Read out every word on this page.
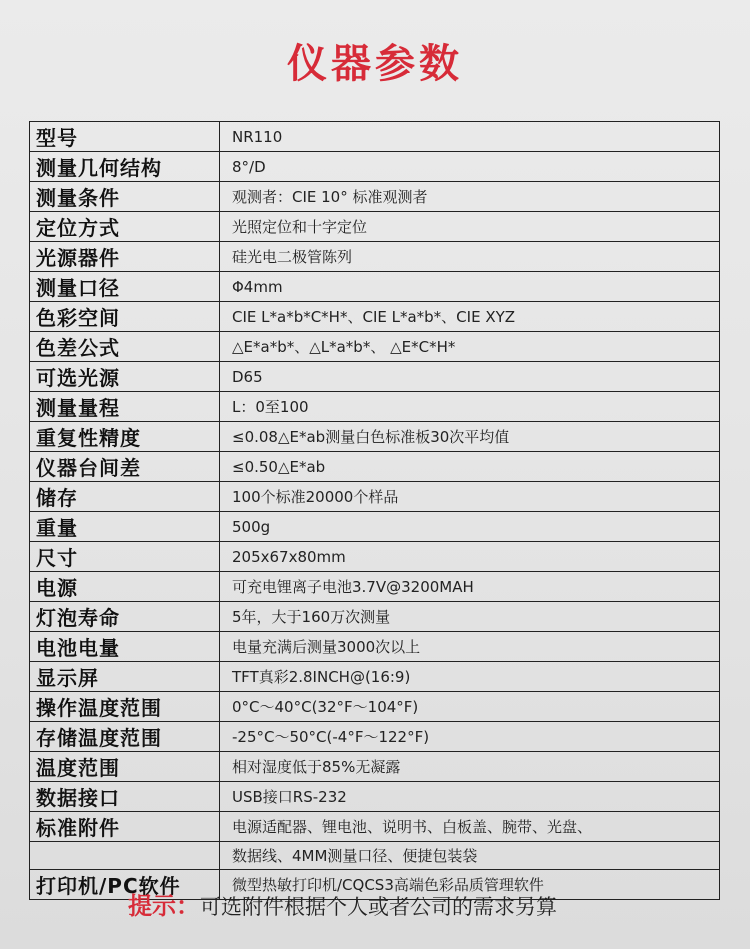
仪器参数
型号	NR110
测量几何结构	8°/D
测量条件	观测者：CIE 10° 标准观测者
定位方式	光照定位和十字定位
光源器件	硅光电二极管陈列
测量口径	Φ4mm
色彩空间	CIE L*a*b*C*H*、CIE L*a*b*、CIE XYZ
色差公式	△E*a*b*、△L*a*b*、 △E*C*H*
可选光源	D65
测量量程	L：0至100
重复性精度	≤0.08△E*ab测量白色标准板30次平均值
仪器台间差	≤0.50△E*ab
储存	100个标准20000个样品
重量	500g
尺寸	205x67x80mm
电源	可充电锂离子电池3.7V@3200MAH
灯泡寿命	5年，大于160万次测量
电池电量	电量充满后测量3000次以上
显示屏	TFT真彩2.8INCH@(16:9)
操作温度范围	0°C～40°C(32°F～104°F)
存储温度范围	-25°C～50°C(-4°F～122°F)
温度范围	相对湿度低于85%无凝露
数据接口	USB接口RS-232
标准附件	电源适配器、锂电池、说明书、白板盖、腕带、光盘、
	数据线、4MM测量口径、便捷包装袋
打印机/PC软件	微型热敏打印机/CQCS3高端色彩品质管理软件
提示：可选附件根据个人或者公司的需求另算
